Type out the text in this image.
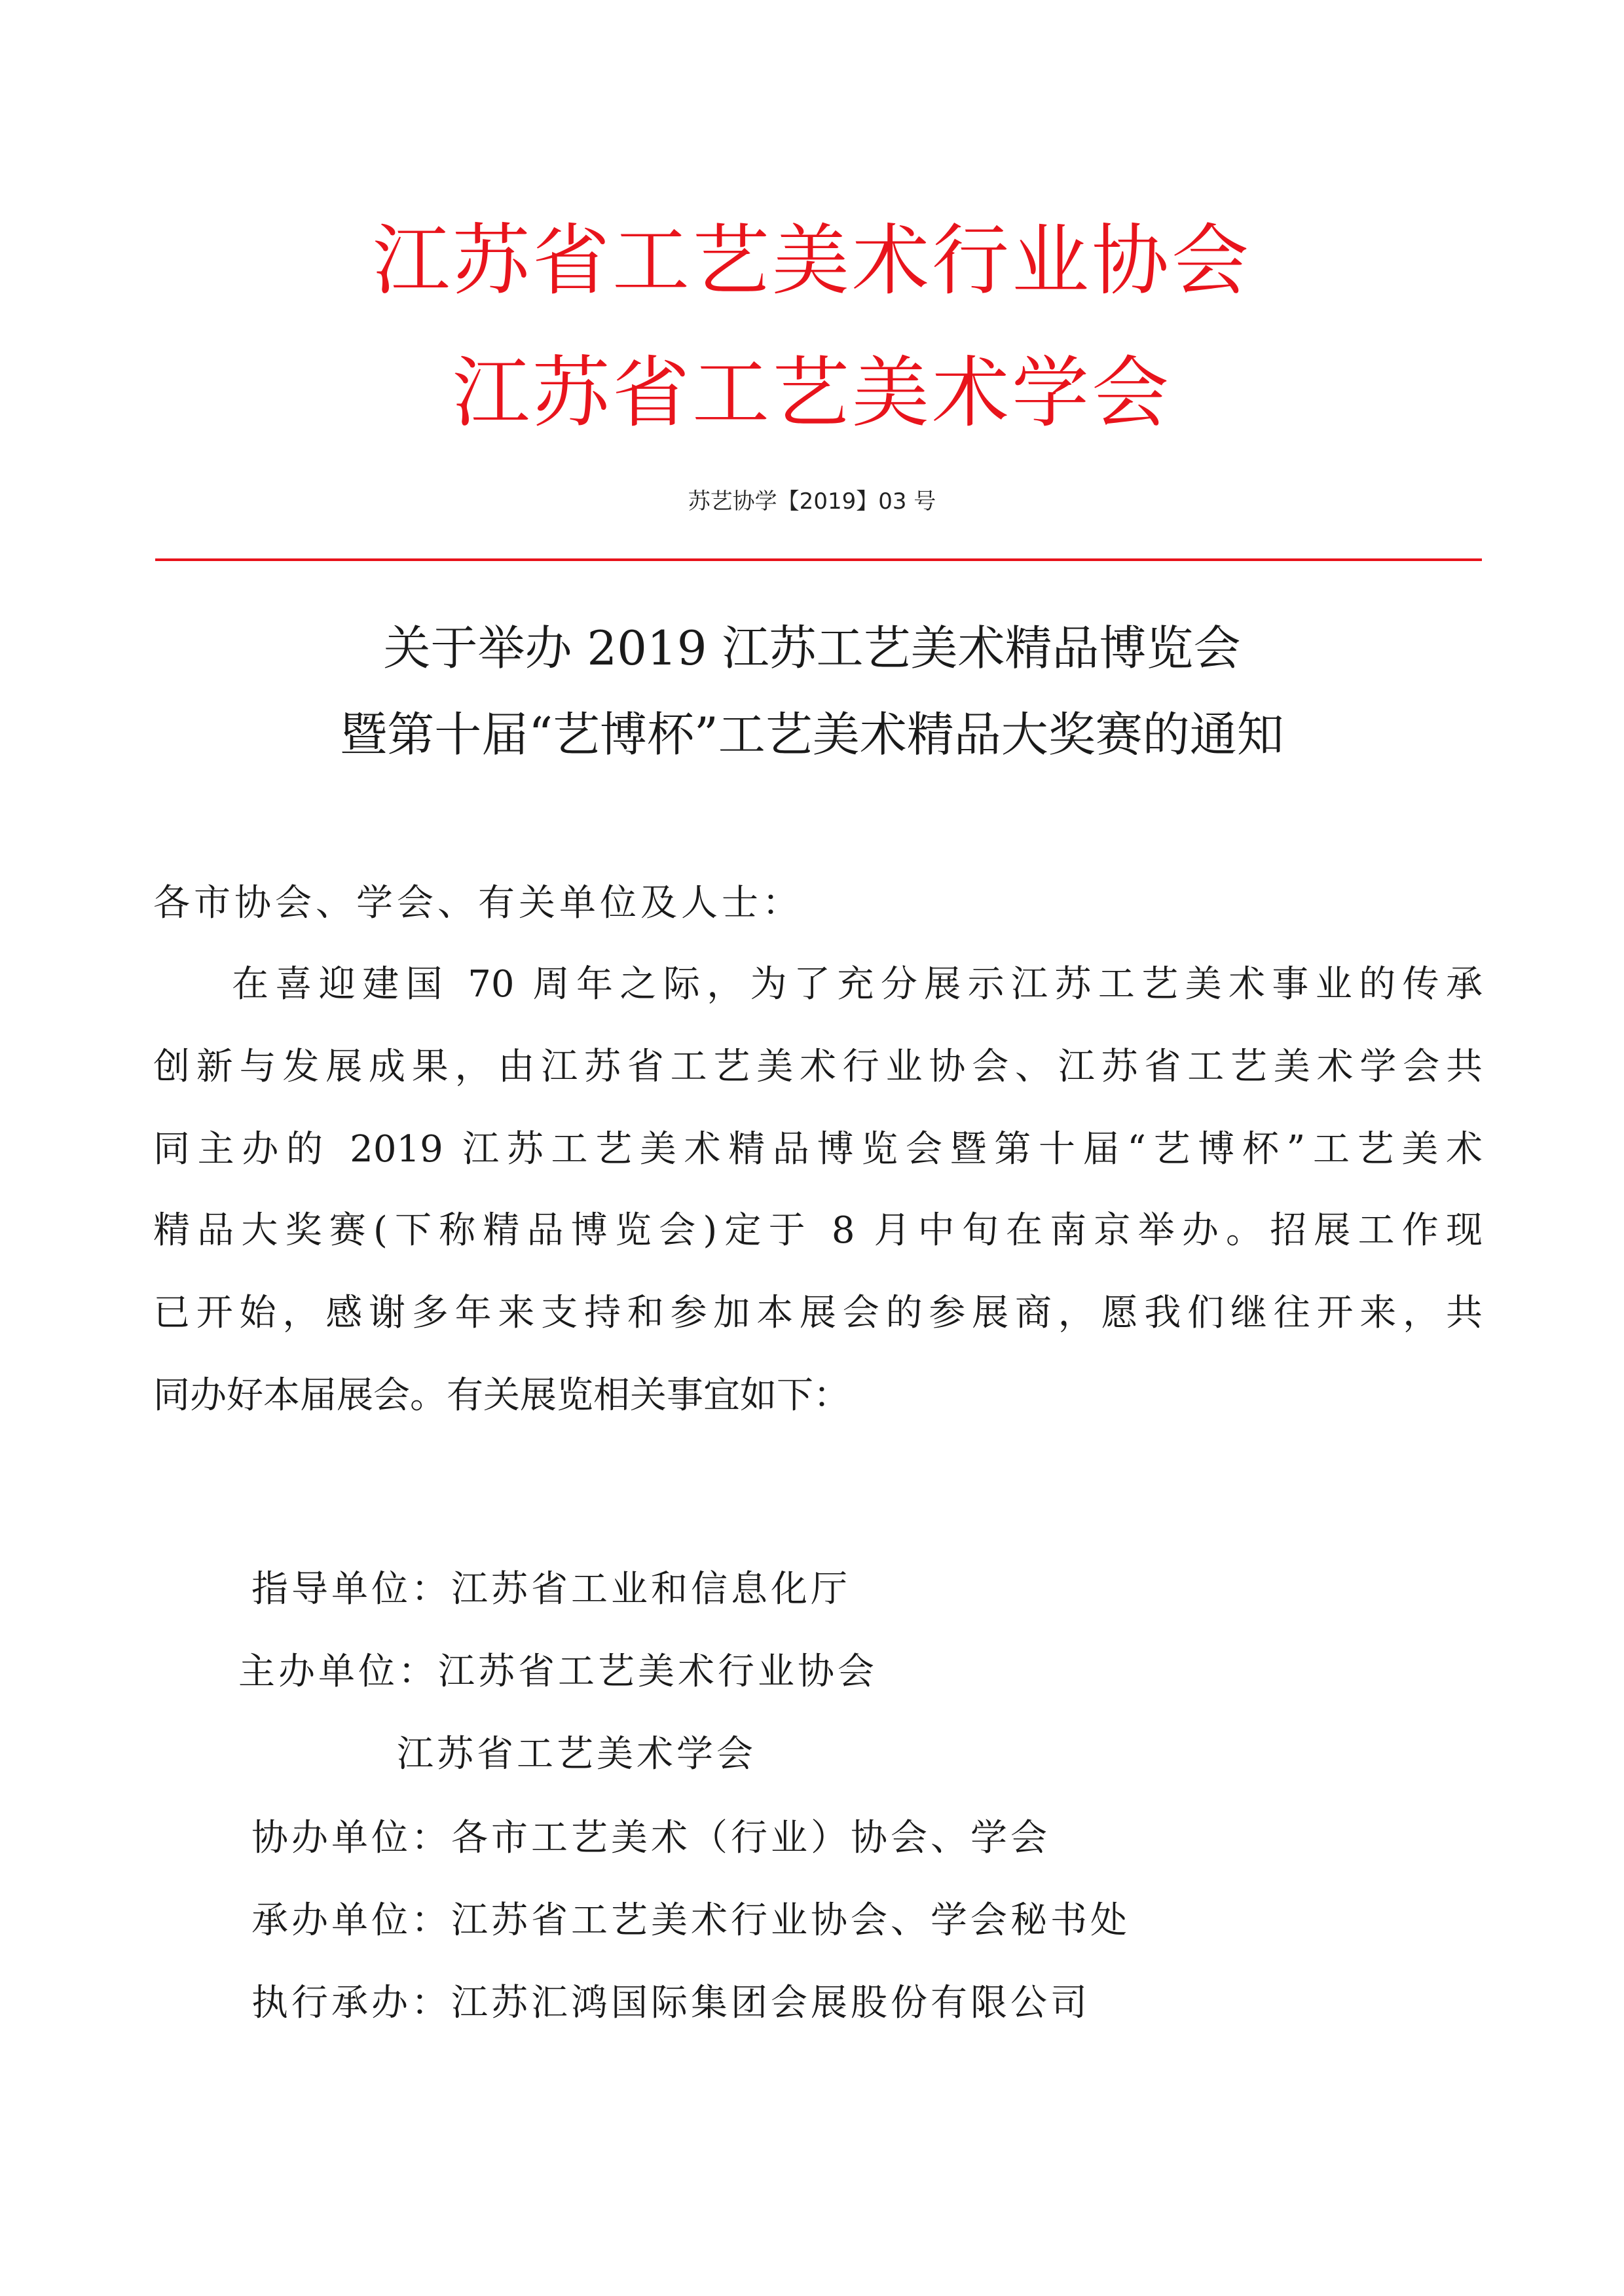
江苏省工艺美术行业协会
江苏省工艺美术学会
苏艺协学【2019】03 号
关于举办 2019 江苏工艺美术精品博览会
暨第十届“艺博杯”工艺美术精品大奖赛的通知
各市协会、学会、有关单位及人士：
在喜迎建国 70 周年之际，为了充分展示江苏工艺美术事业的传承
创新与发展成果，由江苏省工艺美术行业协会、江苏省工艺美术学会共
同主办的 2019 江苏工艺美术精品博览会暨第十届“艺博杯”工艺美术
精品大奖赛(下称精品博览会)定于 8 月中旬在南京举办。招展工作现
已开始，感谢多年来支持和参加本展会的参展商，愿我们继往开来，共
同办好本届展会。有关展览相关事宜如下：
指导单位：江苏省工业和信息化厅
主办单位：江苏省工艺美术行业协会
江苏省工艺美术学会
协办单位：各市工艺美术（行业）协会、学会
承办单位：江苏省工艺美术行业协会、学会秘书处
执行承办：江苏汇鸿国际集团会展股份有限公司
